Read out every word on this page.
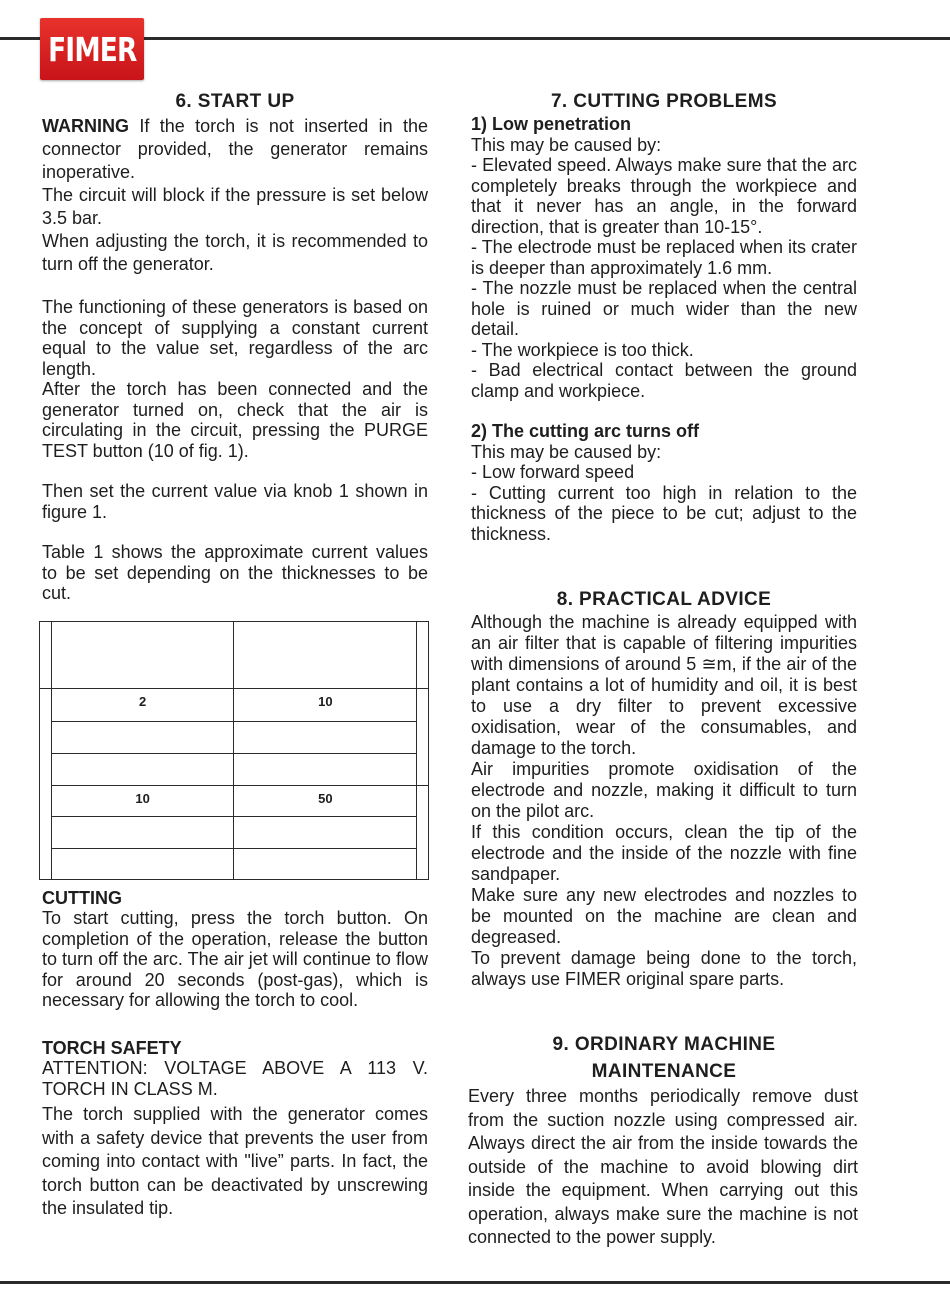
FIMER
6. START UP

WARNING If the torch is not inserted in the connector provided, the generator remains inoperative.

The circuit will block if the pressure is set below 3.5 bar.

When adjusting the torch, it is recommended to turn off the generator.

The functioning of these generators is based on the concept of supplying a constant current equal to the value set, regardless of the arc length.

After the torch has been connected and the generator turned on, check that the air is circulating in the circuit, pressing the PURGE TEST button (10 of fig. 1).

Then set the current value via knob 1 shown in figure 1.

Table 1 shows the approximate current values to be set depending on the thicknesses to be cut.

	2	10	

	10	50	

CUTTING

To start cutting, press the torch button. On completion of the operation, release the button to turn off the arc. The air jet will continue to flow for around 20 seconds (post-gas), which is necessary for allowing the torch to cool.

TORCH SAFETY

ATTENTION: VOLTAGE ABOVE A 113 V. TORCH IN CLASS M.

The torch supplied with the generator comes with a safety device that prevents the user from coming into contact with "live” parts. In fact, the torch button can be deactivated by unscrewing the insulated tip.

7. CUTTING PROBLEMS
1) Low penetration

This may be caused by:

- Elevated speed. Always make sure that the arc completely breaks through the workpiece and that it never has an angle, in the forward direction, that is greater than 10-15°.

- The electrode must be replaced when its crater is deeper than approximately 1.6 mm.

- The nozzle must be replaced when the central hole is ruined or much wider than the new detail.

- The workpiece is too thick.

- Bad electrical contact between the ground clamp and workpiece.

2) The cutting arc turns off

This may be caused by:

- Low forward speed

- Cutting current too high in relation to the thickness of the piece to be cut; adjust to the thickness.

8. PRACTICAL ADVICE

Although the machine is already equipped with an air filter that is capable of filtering impurities with dimensions of around 5 ≅m, if the air of the plant contains a lot of humidity and oil, it is best to use a dry filter to prevent excessive oxidisation, wear of the consumables, and damage to the torch.

Air impurities promote oxidisation of the electrode and nozzle, making it difficult to turn on the pilot arc.

If this condition occurs, clean the tip of the electrode and the inside of the nozzle with fine sandpaper.

Make sure any new electrodes and nozzles to be mounted on the machine are clean and degreased.

To prevent damage being done to the torch, always use FIMER original spare parts.

9. ORDINARY MACHINE
MAINTENANCE

Every three months periodically remove dust from the suction nozzle using compressed air. Always direct the air from the inside towards the outside of the machine to avoid blowing dirt inside the equipment. When carrying out this operation, always make sure the machine is not connected to the power supply.
